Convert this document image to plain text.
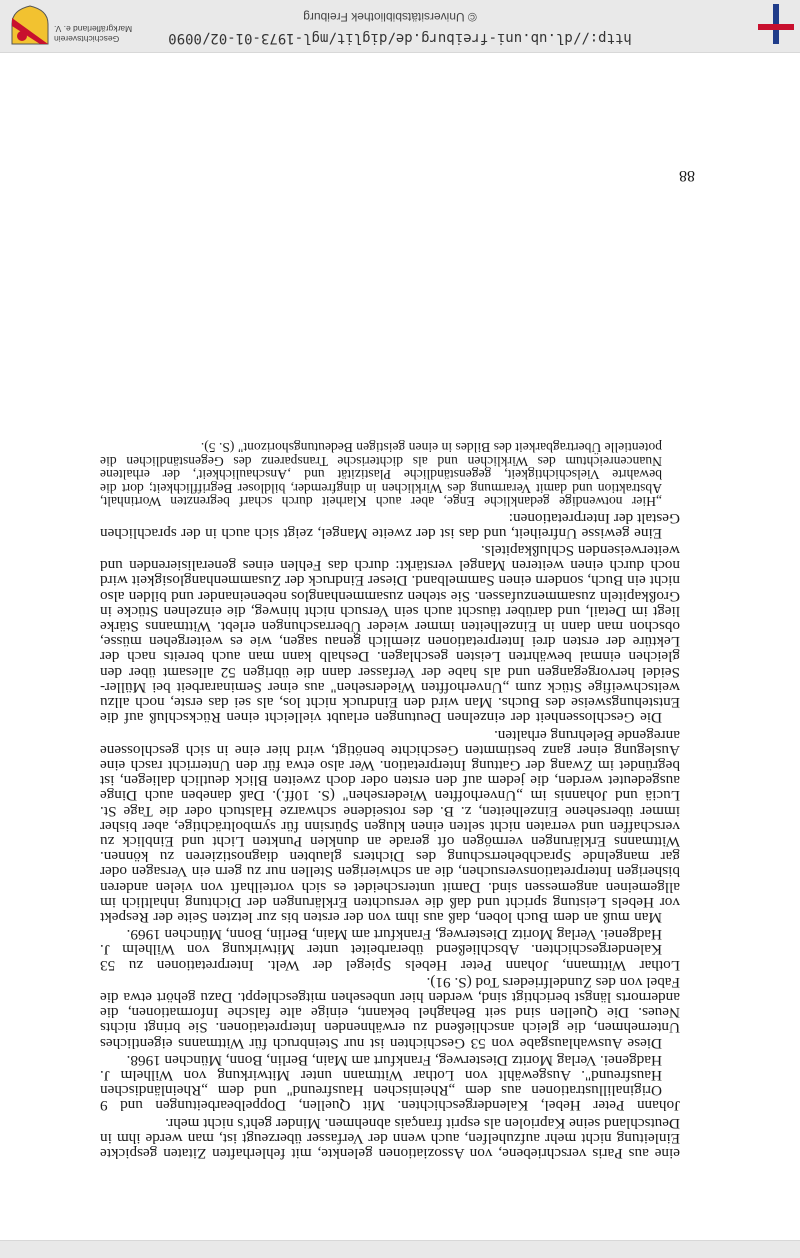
eine aus Paris verschriebene, von Assoziationen gelenkte, mit fehlerhaften Zitaten gespickte Einleitung nicht mehr aufzuhelfen, auch wenn der Verfasser überzeugt ist, man werde ihm in Deutschland seine Kapriolen als esprit français abnehmen. Minder geht's nicht mehr.

Johann Peter Hebel, Kalendergeschichten. Mit Quellen, Doppelbearbeitungen und 9 Originalillustrationen aus dem „Rheinischen Hausfreund" und dem „Rheinländischen Hausfreund". Ausgewählt von Lothar Wittmann unter Mitwirkung von Wilhelm J. Hadgenei. Verlag Moritz Diesterweg, Frankfurt am Main, Berlin, Bonn, München 1968.

Diese Auswahlausgabe von 53 Geschichten ist nur Steinbruch für Wittmanns eigentliches Unternehmen, die gleich anschließend zu erwähnenden Interpretationen. Sie bringt nichts Neues. Die Quellen sind seit Behaghel bekannt, einige alte falsche Informationen, die andernorts längst berichtigt sind, werden hier unbesehen mitgeschleppt. Dazu gehört etwa die Fabel von des Zundelfrieders Tod (S. 91).

Lothar Wittmann, Johann Peter Hebels Spiegel der Welt. Interpretationen zu 53 Kalendergeschichten. Abschließend überarbeitet unter Mitwirkung von Wilhelm J. Hadgenei. Verlag Moritz Diesterweg, Frankfurt am Main, Berlin, Bonn, München 1969.

Man muß an dem Buch loben, daß aus ihm von der ersten bis zur letzten Seite der Respekt vor Hebels Leistung spricht und daß die versuchten Erklärungen der Dichtung inhaltlich im allgemeinen angemessen sind. Damit unterscheidet es sich vorteilhaft von vielen anderen bisherigen Interpretationsversuchen, die an schwierigen Stellen nur zu gern ein Versagen oder gar mangelnde Sprachbeherrschung des Dichters glaubten diagnostizieren zu können. Wittmanns Erklärungen vermögen oft gerade an dunklen Punkten Licht und Einblick zu verschaffen und verraten nicht selten einen klugen Spürsinn für symbolträchtige, aber bisher immer übersehene Einzelheiten, z. B. des rotseidene schwarze Halstuch oder die Tage St. Luciä und Johannis im „Unverhofften Wiedersehen" (S. 10ff.). Daß daneben auch Dinge ausgedeutet werden, die jedem auf den ersten oder doch zweiten Blick deutlich daliegen, ist begründet im Zwang der Gattung Interpretation. Wer also etwa für den Unterricht rasch eine Auslegung einer ganz bestimmten Geschichte benötigt, wird hier eine in sich geschlossene anregende Belehrung erhalten.

Die Geschlossenheit der einzelnen Deutungen erlaubt vielleicht einen Rückschluß auf die Entstehungsweise des Buchs. Man wird den Eindruck nicht los, als sei das erste, noch allzu weitschweifige Stück zum „Unverhofften Wiedersehen" aus einer Seminararbeit bei Müller-Seidel hervorgegangen und als habe der Verfasser dann die übrigen 52 allesamt über den gleichen einmal bewährten Leisten geschlagen. Deshalb kann man auch bereits nach der Lektüre der ersten drei Interpretationen ziemlich genau sagen, wie es weitergehen müsse, obschon man dann in Einzelheiten immer wieder Überraschungen erlebt. Wittmanns Stärke liegt im Detail, und darüber täuscht auch sein Versuch nicht hinweg, die einzelnen Stücke in Großkapiteln zusammenzufassen. Sie stehen zusammenhanglos nebeneinander und bilden also nicht ein Buch, sondern einen Sammelband. Dieser Eindruck der Zusammenhanglosigkeit wird noch durch einen weiteren Mangel verstärkt: durch das Fehlen eines generalisierenden und weiterweisenden Schlußkapitels.

Eine gewisse Unfreiheit, und das ist der zweite Mangel, zeigt sich auch in der sprachlichen Gestalt der Interpretationen:

„Hier notwendige gedankliche Enge, aber auch Klarheit durch scharf begrenzten Wortinhalt, Abstraktion und damit Verarmung des Wirklichen in dingfremder, bildloser Begrifflichkeit; dort die bewahrte Vielschichtigkeit, gegenständliche Plastizität und ‚Anschaulichkeit', der erhaltene Nuancenreichtum des Wirklichen und als dichterische Transparenz des Gegenständlichen die potentielle Übertragbarkeit des Bildes in einen geistigen Bedeutungshorizont" (S. 5).

88
http://dl.ub.uni-freiburg.de/diglit/mgl-1973-01-02/0090
© Universitätsbibliothek Freiburg
Geschichtsverein
Markgräflerland e. V.
